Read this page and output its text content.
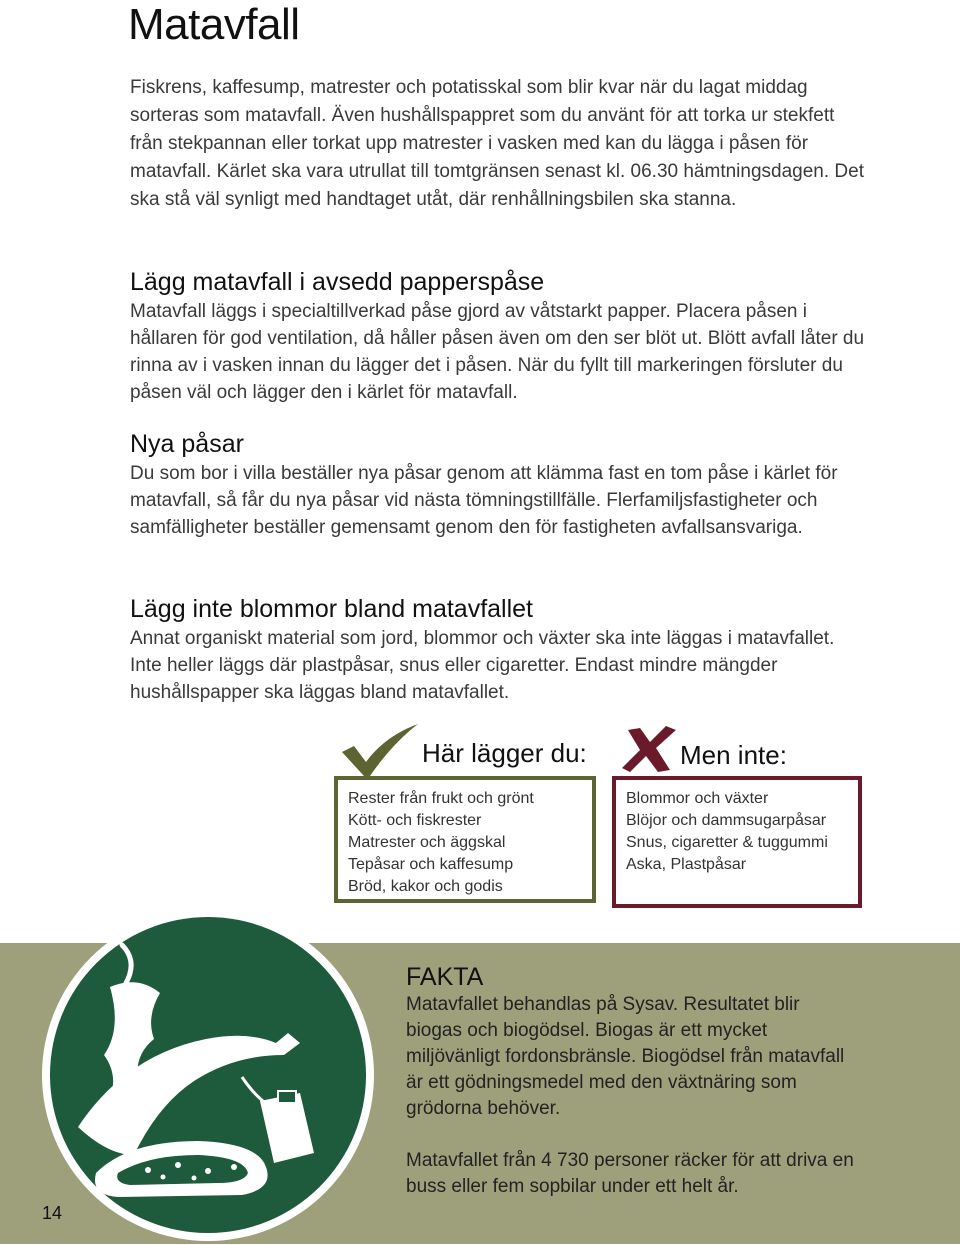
Matavfall

Fiskrens, kaffesump, matrester och potatisskal som blir kvar när du lagat middag sorteras som matavfall. Även hushållspappret som du använt för att torka ur stekfett från stekpannan eller torkat upp matrester i vasken med kan du lägga i påsen för matavfall. Kärlet ska vara utrullat till tomtgränsen senast kl. 06.30 hämtningsdagen. Det ska stå väl synligt med handtaget utåt, där renhållningsbilen ska stanna.

Lägg matavfall i avsedd papperspåse

Matavfall läggs i specialtillverkad påse gjord av våtstarkt papper. Placera påsen i hållaren för god ventilation, då håller påsen även om den ser blöt ut. Blött avfall låter du rinna av i vasken innan du lägger det i påsen. När du fyllt till markeringen försluter du påsen väl och lägger den i kärlet för matavfall.

Nya påsar

Du som bor i villa beställer nya påsar genom att klämma fast en tom påse i kärlet för matavfall, så får du nya påsar vid nästa tömningstillfälle. Flerfamiljsfastigheter och samfälligheter beställer gemensamt genom den för fastigheten avfallsansvariga.

Lägg inte blommor bland matavfallet

Annat organiskt material som jord, blommor och växter ska inte läggas i matavfallet. Inte heller läggs där plastpåsar, snus eller cigaretter. Endast mindre mängder hushållspapper ska läggas bland matavfallet.

Här lägger du:	Men inte:
Rester från frukt och grönt
Kött- och fiskrester
Matrester och äggskal
Tepåsar och kaffesump
Bröd, kakor och godis
Blommor och växter
Blöjor och dammsugarpåsar
Snus, cigaretter & tuggummi
Aska, Plastpåsar
FAKTA

Matavfallet behandlas på Sysav. Resultatet blir biogas och biogödsel. Biogas är ett mycket miljövänligt fordonsbränsle. Biogödsel från matavfall är ett gödningsmedel med den växtnäring som grödorna behöver.

Matavfallet från 4 730 personer räcker för att driva en buss eller fem sopbilar under ett helt år.

14
